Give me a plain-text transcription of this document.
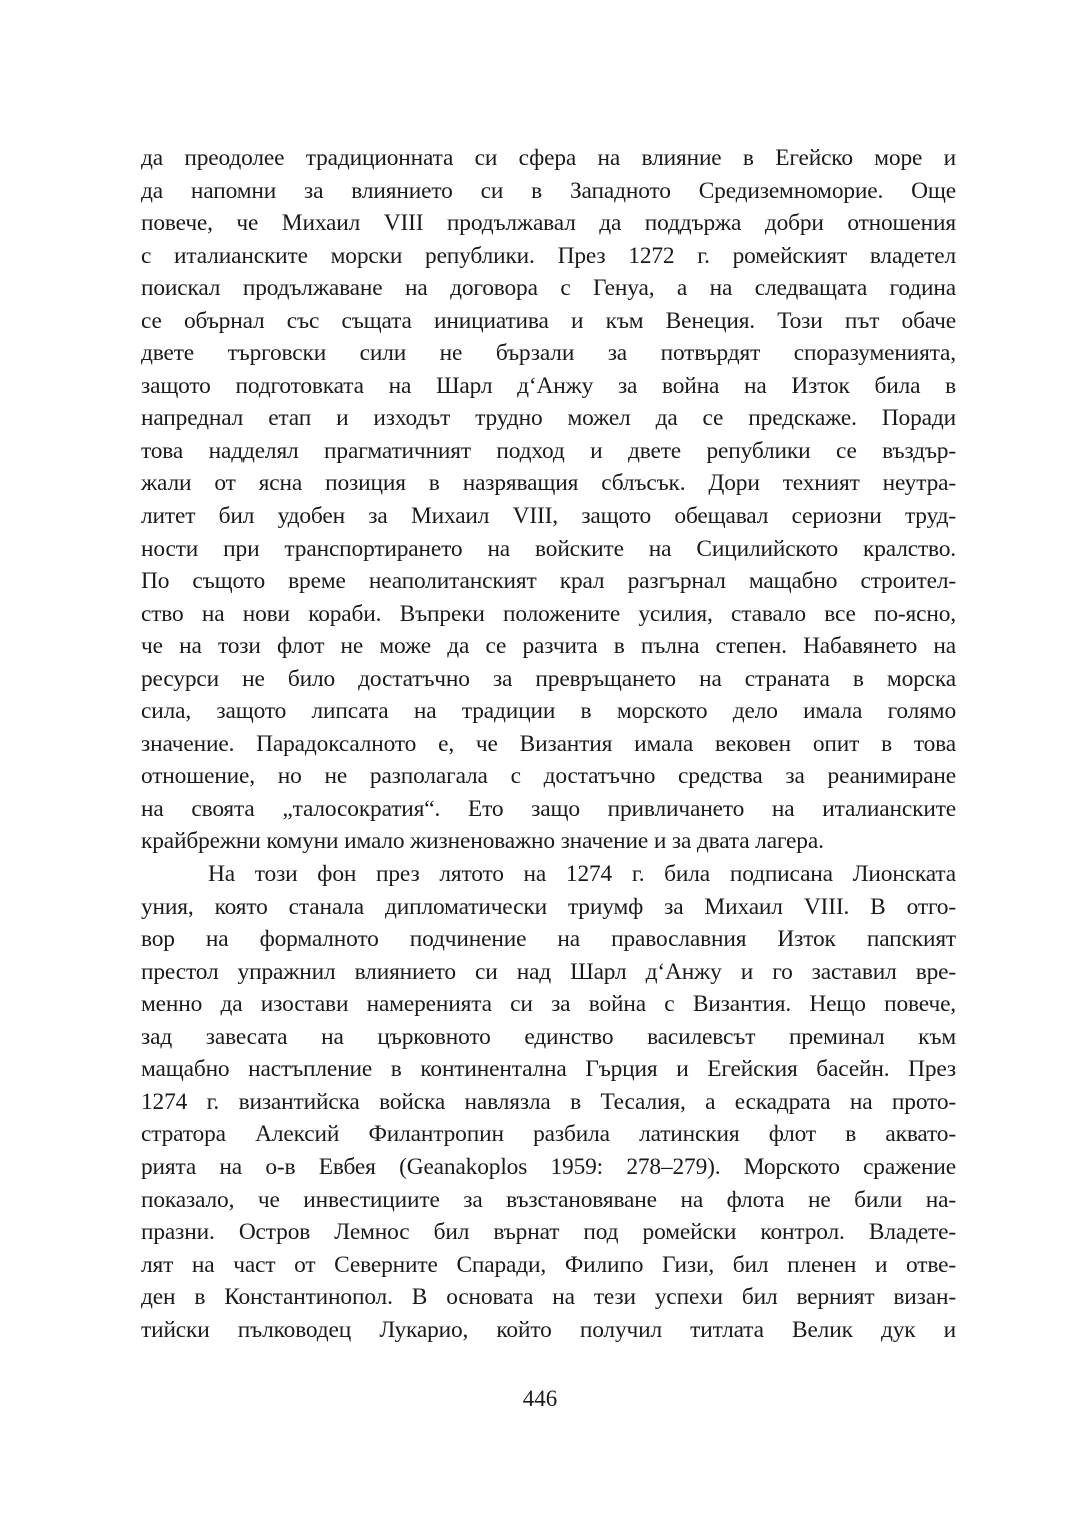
да преодолее традиционната си сфера на влияние в Егейско море и
да напомни за влиянието си в Западното Средиземноморие. Още
повече, че Михаил VIII продължавал да поддържа добри отношения
с италианските морски републики. През 1272 г. ромейският владетел
поискал продължаване на договора с Генуа, а на следващата година
се обърнал със същата инициатива и към Венеция. Този път обаче
двете търговски сили не бързали за потвърдят споразуменията,
защото подготовката на Шарл д‘Анжу за война на Изток била в
напреднал етап и изходът трудно можел да се предскаже. Поради
това надделял прагматичният подход и двете републики се въздър-
жали от ясна позиция в назряващия сблъсък. Дори техният неутра-
литет бил удобен за Михаил VIII, защото обещавал сериозни труд-
ности при транспортирането на войските на Сицилийското кралство.
По същото време неаполитанският крал разгърнал мащабно строител-
ство на нови кораби. Въпреки положените усилия, ставало все по-ясно,
че на този флот не може да се разчита в пълна степен. Набавянето на
ресурси не било достатъчно за превръщането на страната в морска
сила, защото липсата на традиции в морското дело имала голямо
значение. Парадоксалното е, че Византия имала вековен опит в това
отношение, но не разполагала с достатъчно средства за реанимиране
на своята „талосократия“. Ето защо привличането на италианските
крайбрежни комуни имало жизненоважно значение и за двата лагера.
На този фон през лятото на 1274 г. била подписана Лионската
уния, която станала дипломатически триумф за Михаил VIII. В отго-
вор на формалното подчинение на православния Изток папският
престол упражнил влиянието си над Шарл д‘Анжу и го заставил вре-
менно да изостави намеренията си за война с Византия. Нещо повече,
зад завесата на църковното единство василевсът преминал към
мащабно настъпление в континентална Гърция и Егейския басейн. През
1274 г. византийска войска навлязла в Тесалия, а ескадрата на прото-
стратора Алексий Филантропин разбила латинския флот в аквато-
рията на о-в Евбея (Geanakoplos 1959: 278–279). Морското сражение
показало, че инвестициите за възстановяване на флота не били на-
празни. Остров Лемнос бил върнат под ромейски контрол. Владете-
лят на част от Северните Спаради, Филипо Гизи, бил пленен и отве-
ден в Константинопол. В основата на тези успехи бил верният визан-
тийски пълководец Лукарио, който получил титлата Велик дук и
446
